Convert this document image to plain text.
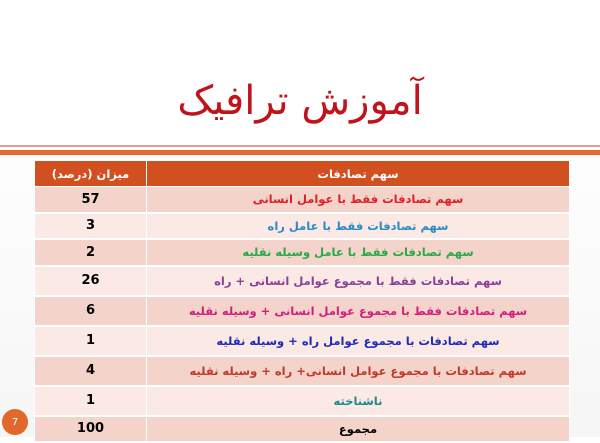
آموزش ترافیک
میزان (درصد)	سهم تصادفات
57	سهم تصادفات فقط با عوامل انسانی
3	سهم تصادفات فقط با عامل راه
2	سهم تصادفات فقط با عامل وسیله نقلیه
26	سهم تصادفات فقط با مجموع عوامل انسانی + راه
6	سهم تصادفات فقط با مجموع عوامل انسانی + وسیله نقلیه
1	سهم تصادفات با مجموع عوامل راه + وسیله نقلیه
4	سهم تصادفات با مجموع عوامل انسانی+ راه + وسیله نقلیه
1	ناشناخته
100	مجموع
7
